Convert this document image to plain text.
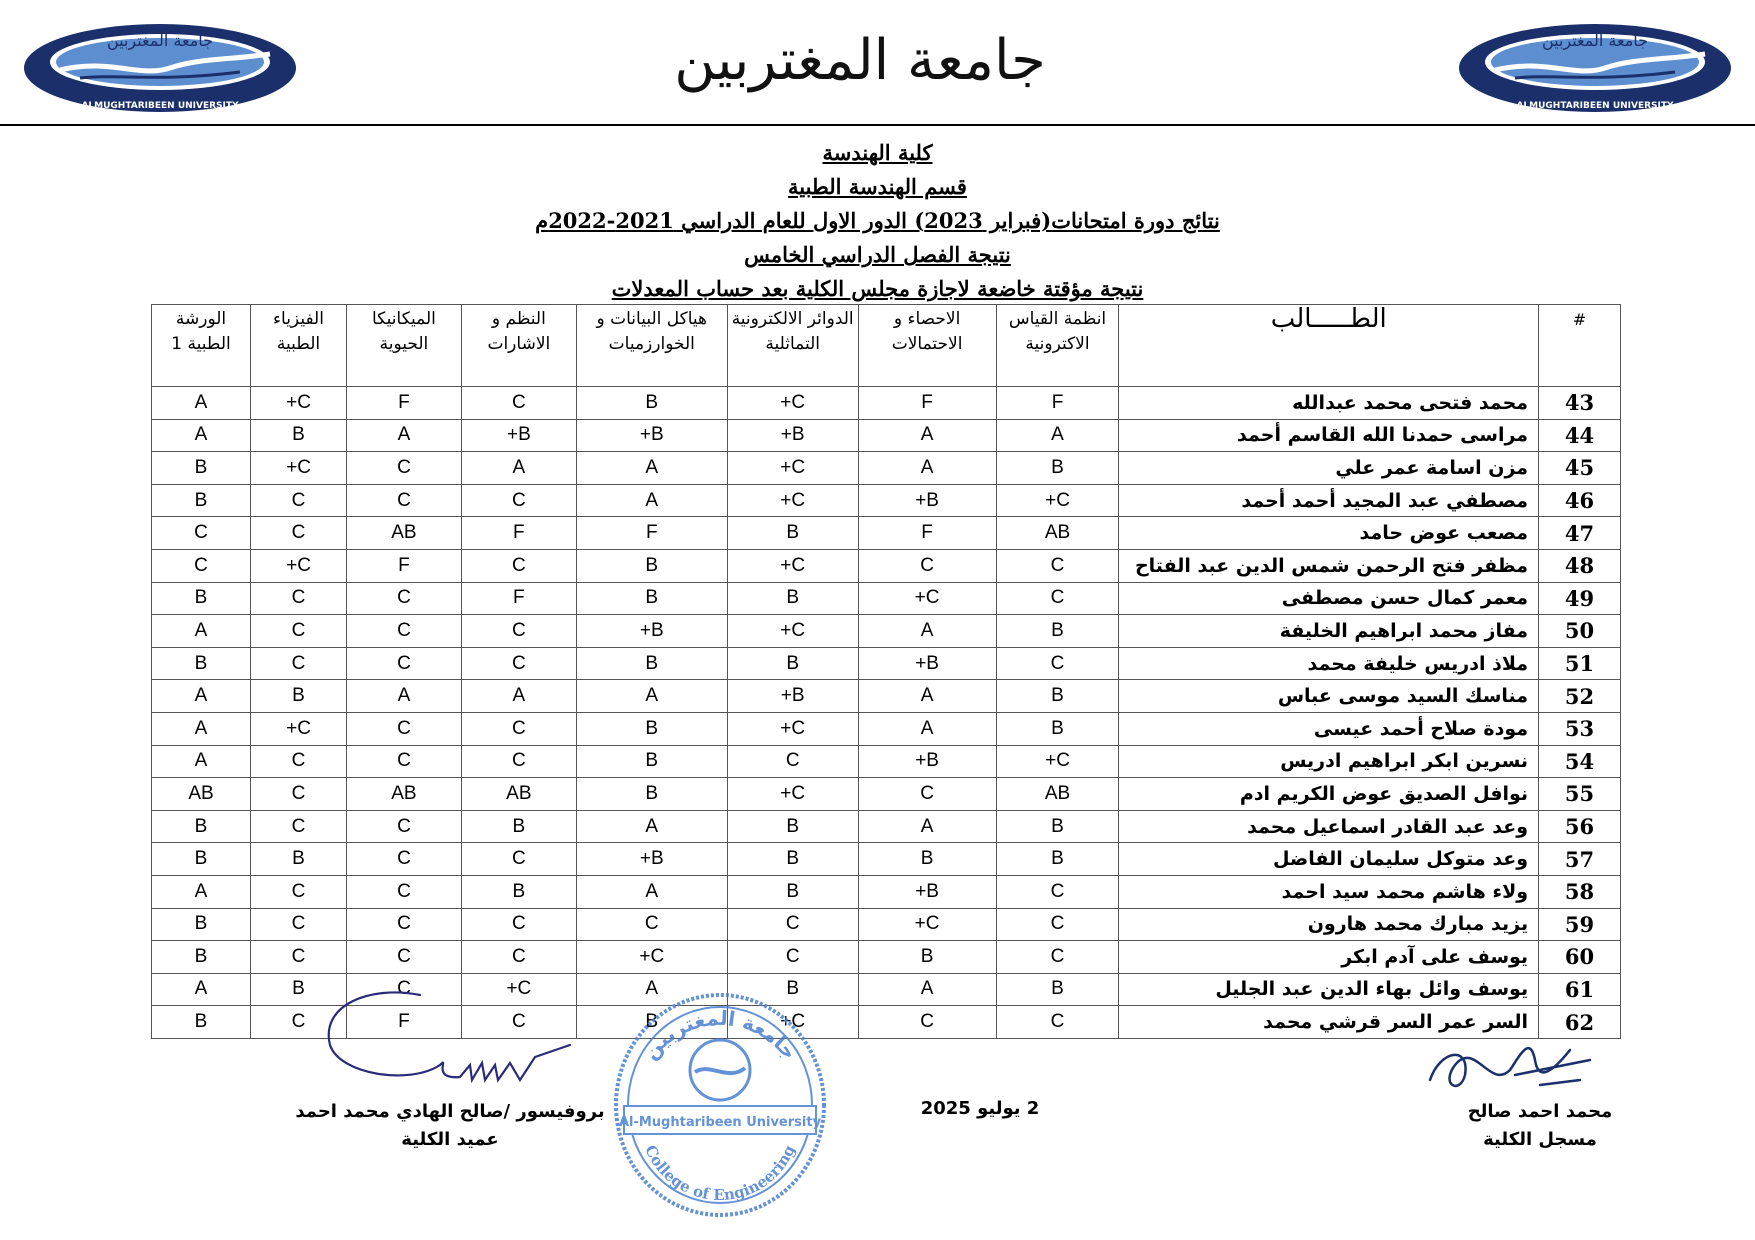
جامعة المغتربين
ALMUGHTARIBEEN UNIVERSITY
جامعة المغتربين	جامعة المغتربين
ALMUGHTARIBEEN UNIVERSITY
كلية الهندسة
قسم الهندسة الطبية
نتائج دورة امتحانات(فبراير 2023) الدور الاول للعام الدراسي 2021-2022م
نتيجة الفصل الدراسي الخامس
نتيجة مؤقتة خاضعة لاجازة مجلس الكلية بعد حساب المعدلات
#	الطـــــالب	انظمة القياس الاكترونية	الاحصاء و الاحتمالات	الدوائر الالكترونية التماثلية	هياكل البيانات و الخوارزميات	النظم و الاشارات	الميكانيكا الحيوية	الفيزياء الطبية	الورشة الطبية 1
43	محمد فتحى محمد عبدالله	F	F	C+	B	C	F	C+	A
44	مراسى حمدنا الله القاسم أحمد	A	A	B+	B+	B+	A	B	A
45	مزن اسامة عمر علي	B	A	C+	A	A	C	C+	B
46	مصطفي عبد المجيد أحمد أحمد	C+	B+	C+	A	C	C	C	B
47	مصعب عوض حامد	AB	F	B	F	F	AB	C	C
48	مظفر فتح الرحمن شمس الدين عبد الفتاح	C	C	C+	B	C	F	C+	C
49	معمر كمال حسن مصطفى	C	C+	B	B	F	C	C	B
50	مفاز محمد ابراهيم الخليفة	B	A	C+	B+	C	C	C	A
51	ملاذ ادريس خليفة محمد	C	B+	B	B	C	C	C	B
52	مناسك السيد موسى عباس	B	A	B+	A	A	A	B	A
53	مودة صلاح أحمد عيسى	B	A	C+	B	C	C	C+	A
54	نسرين ابكر ابراهيم ادريس	C+	B+	C	B	C	C	C	A
55	نوافل الصديق عوض الكريم ادم	AB	C	C+	B	AB	AB	C	AB
56	وعد عبد القادر اسماعيل محمد	B	A	B	A	B	C	C	B
57	وعد متوكل سليمان الفاضل	B	B	B	B+	C	C	B	B
58	ولاء هاشم محمد سيد احمد	C	B+	B	A	B	C	C	A
59	يزيد مبارك محمد هارون	C	C+	C	C	C	C	C	B
60	يوسف على آدم ابكر	C	B	C	C+	C	C	C	B
61	يوسف وائل بهاء الدين عبد الجليل	B	A	B	A	C+	C	B	A
62	السر عمر السر قرشي محمد	C	C	C+	B	C	F	C	B
جامعة المغتربين
Al-Mughtaribeen University
College of Engineering
محمد احمد صالح
مسجل الكلية
2 يوليو 2025
بروفيسور /صالح الهادي محمد احمد
عميد الكلية
